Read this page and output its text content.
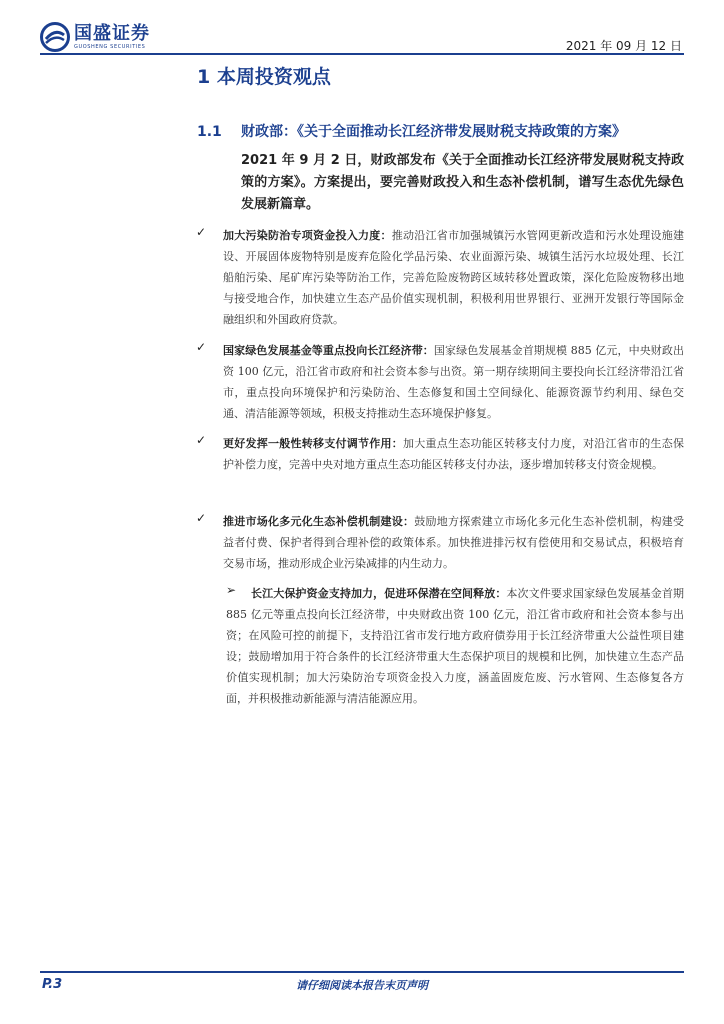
国盛证券
GUOSHENG SECURITIES	2021 年 09 月 12 日
1 本周投资观点
1.1 财政部：《关于全面推动长江经济带发展财税支持政策的方案》
2021 年 9 月 2 日，财政部发布《关于全面推动长江经济带发展财税支持政策的方案》。方案提出，要完善财政投入和生态补偿机制，谱写生态优先绿色发展新篇章。
✓ 加大污染防治专项资金投入力度：推动沿江省市加强城镇污水管网更新改造和污水处理设施建设、开展固体废物特别是废弃危险化学品污染、农业面源污染、城镇生活污水垃圾处理、长江船舶污染、尾矿库污染等防治工作，完善危险废物跨区域转移处置政策，深化危险废物移出地与接受地合作，加快建立生态产品价值实现机制，积极利用世界银行、亚洲开发银行等国际金融组织和外国政府贷款。
✓ 国家绿色发展基金等重点投向长江经济带：国家绿色发展基金首期规模 885 亿元，中央财政出资 100 亿元，沿江省市政府和社会资本参与出资。第一期存续期间主要投向长江经济带沿江省市，重点投向环境保护和污染防治、生态修复和国土空间绿化、能源资源节约利用、绿色交通、清洁能源等领域，积极支持推动生态环境保护修复。
✓ 更好发挥一般性转移支付调节作用：加大重点生态功能区转移支付力度，对沿江省市的生态保护补偿力度，完善中央对地方重点生态功能区转移支付办法，逐步增加转移支付资金规模。
✓ 推进市场化多元化生态补偿机制建设：鼓励地方探索建立市场化多元化生态补偿机制，构建受益者付费、保护者得到合理补偿的政策体系。加快推进排污权有偿使用和交易试点，积极培育交易市场，推动形成企业污染减排的内生动力。
➢	长江大保护资金支持加力，促进环保潜在空间释放：本次文件要求国家绿色发展基金首期 885 亿元等重点投向长江经济带，中央财政出资 100 亿元，沿江省市政府和社会资本参与出资；在风险可控的前提下，支持沿江省市发行地方政府债券用于长江经济带重大公益性项目建设；鼓励增加用于符合条件的长江经济带重大生态保护项目的规模和比例，加快建立生态产品价值实现机制；加大污染防治专项资金投入力度，涵盖固废危废、污水管网、生态修复各方面，并积极推动新能源与清洁能源应用。
请仔细阅读本报告末页声明
P.3
